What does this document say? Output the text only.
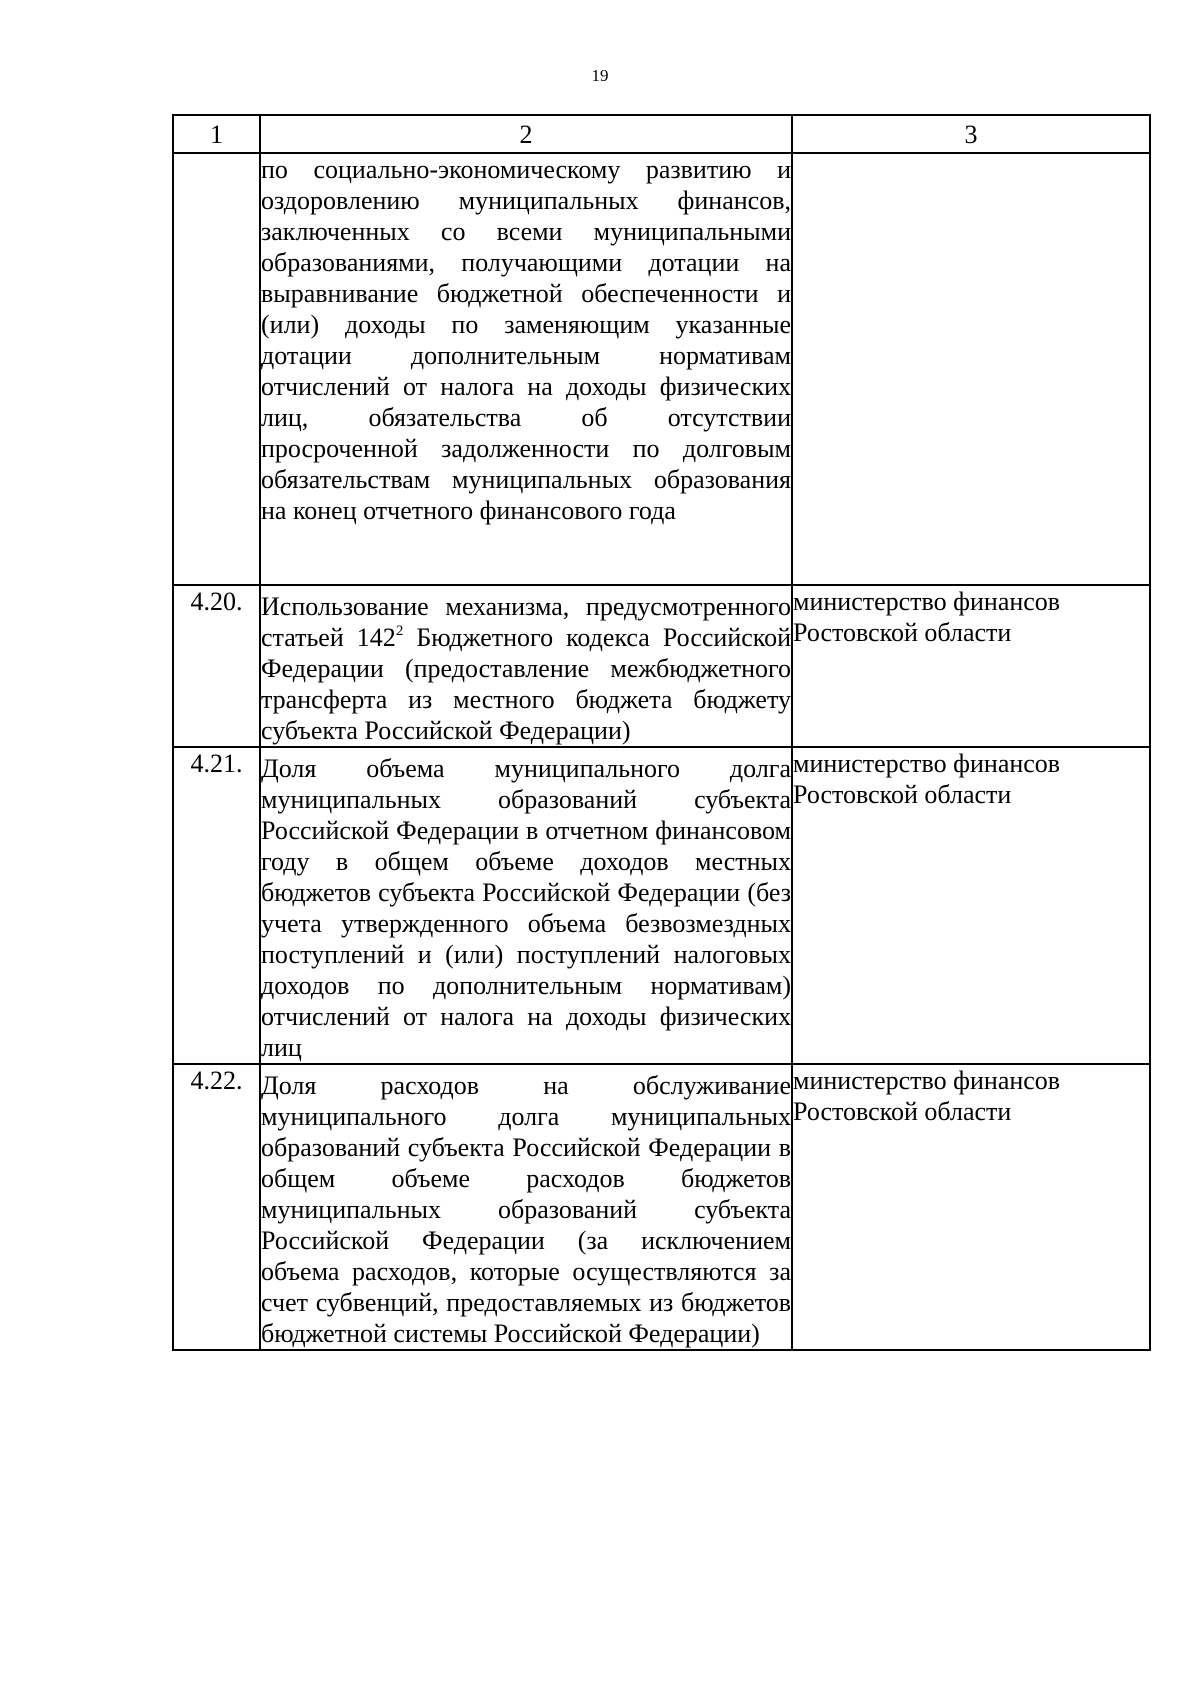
19
1	2	3
	по социально-экономическому развитию и оздоровлению муниципальных финансов, заключенных со всеми муниципальными образованиями, получающими дотации на выравнивание бюджетной обеспеченности и (или) доходы по заменяющим указанные дотации дополнительным нормативам отчислений от налога на доходы физических лиц, обязательства об отсутствии просроченной задолженности по долговым обязательствам муниципальных образования на конец отчетного финансового года	
4.20.	Использование механизма, предусмотренного статьей $142^2$ Бюджетного кодекса Российской Федерации (предоставление межбюджетного трансферта из местного бюджета бюджету субъекта Российской Федерации)	министерство финансов Ростовской области
4.21.	Доля объема муниципального долга муниципальных образований субъекта Российской Федерации в отчетном финансовом году в общем объеме доходов местных бюджетов субъекта Российской Федерации (без учета утвержденного объема безвозмездных поступлений и (или) поступлений налоговых доходов по дополнительным нормативам) отчислений от налога на доходы физических лиц	министерство финансов Ростовской области
4.22.	Доля расходов на обслуживание муниципального долга муниципальных образований субъекта Российской Федерации в общем объеме расходов бюджетов муниципальных образований субъекта Российской Федерации (за исключением объема расходов, которые осуществляются за счет субвенций, предоставляемых из бюджетов бюджетной системы Российской Федерации)	министерство финансов Ростовской области
